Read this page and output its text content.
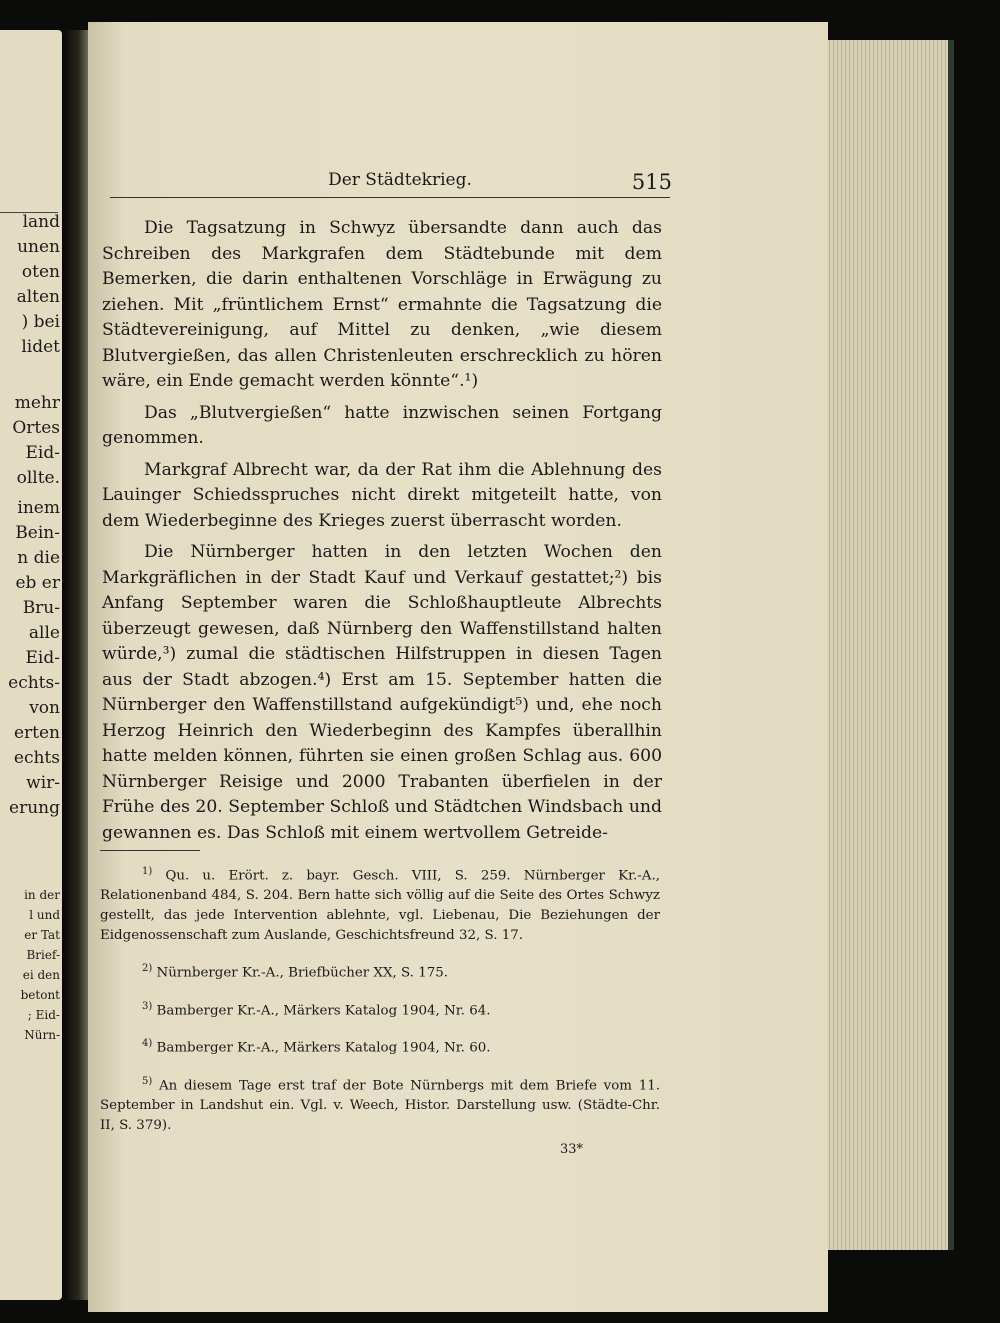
land
unen
oten
alten
) bei
lidet
mehr
Ortes
Eid-
ollte.
inem
Bein-
n die
eb er
Bru-
alle
Eid-
echts-
von
erten
echts
wir-
erung
in der
l und
er Tat
Brief-
ei den
betont
; Eid-
Nürn-
Der Städtekrieg.	515

Die Tagsatzung in Schwyz übersandte dann auch das Schreiben des Markgrafen dem Städtebunde mit dem Bemerken, die darin enthaltenen Vorschläge in Erwägung zu ziehen. Mit „früntlichem Ernst“ ermahnte die Tagsatzung die Städtevereinigung, auf Mittel zu denken, „wie diesem Blutvergießen, das allen Christenleuten erschrecklich zu hören wäre, ein Ende gemacht werden könnte“.¹)

Das „Blutvergießen“ hatte inzwischen seinen Fortgang genommen.

Markgraf Albrecht war, da der Rat ihm die Ablehnung des Lauinger Schiedsspruches nicht direkt mitgeteilt hatte, von dem Wiederbeginne des Krieges zuerst überrascht worden.

Die Nürnberger hatten in den letzten Wochen den Markgräflichen in der Stadt Kauf und Verkauf gestattet;²) bis Anfang September waren die Schloßhauptleute Albrechts überzeugt gewesen, daß Nürnberg den Waffenstillstand halten würde,³) zumal die städtischen Hilfstruppen in diesen Tagen aus der Stadt abzogen.⁴) Erst am 15. September hatten die Nürnberger den Waffenstillstand aufgekündigt⁵) und, ehe noch Herzog Heinrich den Wiederbeginn des Kampfes überallhin hatte melden können, führten sie einen großen Schlag aus. 600 Nürnberger Reisige und 2000 Trabanten überfielen in der Frühe des 20. September Schloß und Städtchen Windsbach und gewannen es. Das Schloß mit einem wertvollem Getreide-

$^{1)}$ Qu. u. Erört. z. bayr. Gesch. VIII, S. 259. Nürnberger Kr.-A., Relationenband 484, S. 204. Bern hatte sich völlig auf die Seite des Ortes Schwyz gestellt, das jede Intervention ablehnte, vgl. Liebenau, Die Beziehungen der Eidgenossenschaft zum Auslande, Geschichtsfreund 32, S. 17.

$^{2)}$ Nürnberger Kr.-A., Briefbücher XX, S. 175.

$^{3)}$ Bamberger Kr.-A., Märkers Katalog 1904, Nr. 64.

$^{4)}$ Bamberger Kr.-A., Märkers Katalog 1904, Nr. 60.

$^{5)}$ An diesem Tage erst traf der Bote Nürnbergs mit dem Briefe vom 11. September in Landshut ein. Vgl. v. Weech, Histor. Darstellung usw. (Städte-Chr. II, S. 379).

33*
